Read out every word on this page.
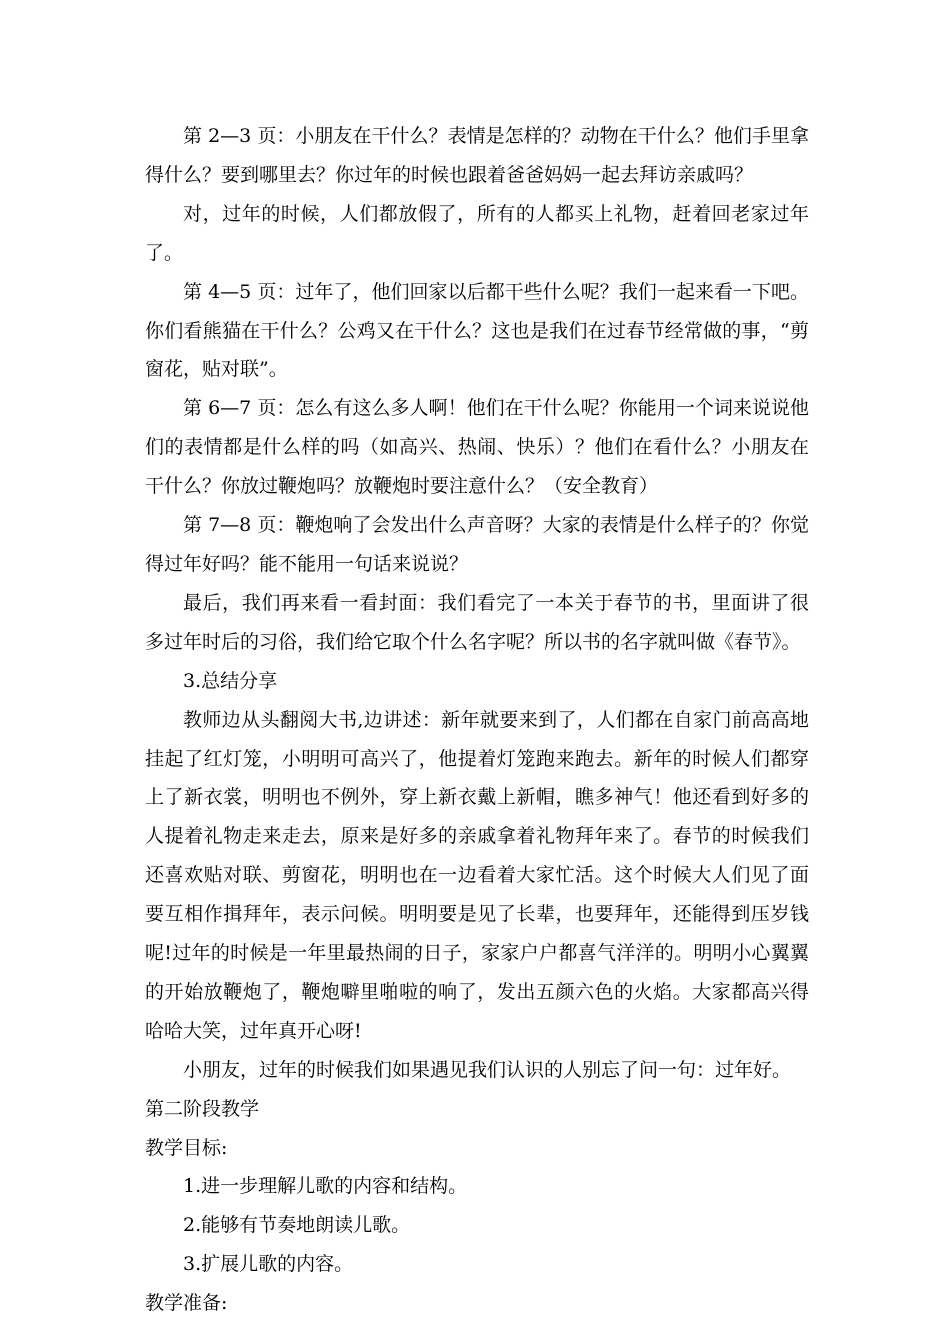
第 2—3 页：小朋友在干什么？表情是怎样的？动物在干什么？他们手里拿得什么？要到哪里去？你过年的时候也跟着爸爸妈妈一起去拜访亲戚吗？

对，过年的时候，人们都放假了，所有的人都买上礼物，赶着回老家过年了。

第 4—5 页：过年了，他们回家以后都干些什么呢？我们一起来看一下吧。你们看熊猫在干什么？公鸡又在干什么？这也是我们在过春节经常做的事，“剪窗花，贴对联”。

第 6—7 页：怎么有这么多人啊！他们在干什么呢？你能用一个词来说说他们的表情都是什么样的吗（如高兴、热闹、快乐）？他们在看什么？小朋友在干什么？你放过鞭炮吗？放鞭炮时要注意什么？（安全教育）

第 7—8 页：鞭炮响了会发出什么声音呀？大家的表情是什么样子的？你觉得过年好吗？能不能用一句话来说说？

最后，我们再来看一看封面：我们看完了一本关于春节的书，里面讲了很多过年时后的习俗，我们给它取个什么名字呢？所以书的名字就叫做《春节》。

3.总结分享

教师边从头翻阅大书,边讲述：新年就要来到了，人们都在自家门前高高地挂起了红灯笼，小明明可高兴了，他提着灯笼跑来跑去。新年的时候人们都穿上了新衣裳，明明也不例外，穿上新衣戴上新帽，瞧多神气！他还看到好多的人提着礼物走来走去，原来是好多的亲戚拿着礼物拜年来了。春节的时候我们还喜欢贴对联、剪窗花，明明也在一边看着大家忙活。这个时候大人们见了面要互相作揖拜年，表示问候。明明要是见了长辈，也要拜年，还能得到压岁钱呢!过年的时候是一年里最热闹的日子，家家户户都喜气洋洋的。明明小心翼翼的开始放鞭炮了，鞭炮噼里啪啦的响了，发出五颜六色的火焰。大家都高兴得哈哈大笑，过年真开心呀!

小朋友，过年的时候我们如果遇见我们认识的人别忘了问一句：过年好。

第二阶段教学

教学目标:

1.进一步理解儿歌的内容和结构。

2.能够有节奏地朗读儿歌。

3.扩展儿歌的内容。

教学准备:
